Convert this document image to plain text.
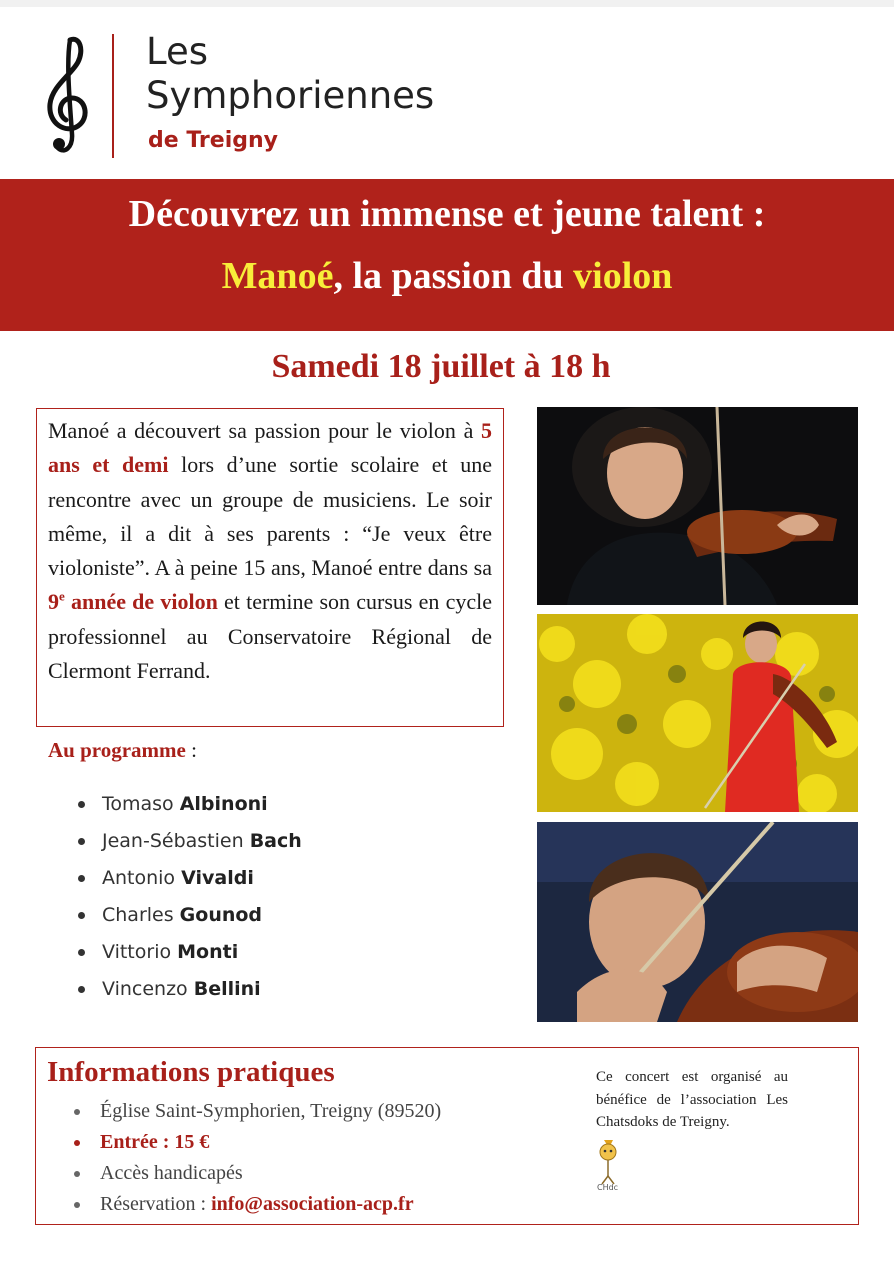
Les
Symphoriennes
de Treigny
Découvrez un immense et jeune talent :
Manoé, la passion du violon
Samedi 18 juillet à 18 h

Manoé a découvert sa passion pour le violon à 5 ans et demi lors d’une sortie scolaire et une rencontre avec un groupe de musiciens. Le soir même, il a dit à ses parents : “Je veux être violoniste”. A à peine 15 ans, Manoé entre dans sa 9e année de violon et termine son cursus en cycle professionnel au Conservatoire Régional de Clermont Ferrand.

Au programme :
Tomaso Albinoni
Jean-Sébastien Bach
Antonio Vivaldi
Charles Gounod
Vittorio Monti
Vincenzo Bellini
Informations pratiques
Église Saint-Symphorien, Treigny (89520)
Entrée : 15 €
Accès handicapés
Réservation : info@association-acp.fr

Ce concert est organisé au bénéfice de l’association Les Chatsdoks de Treigny.

CHdc
